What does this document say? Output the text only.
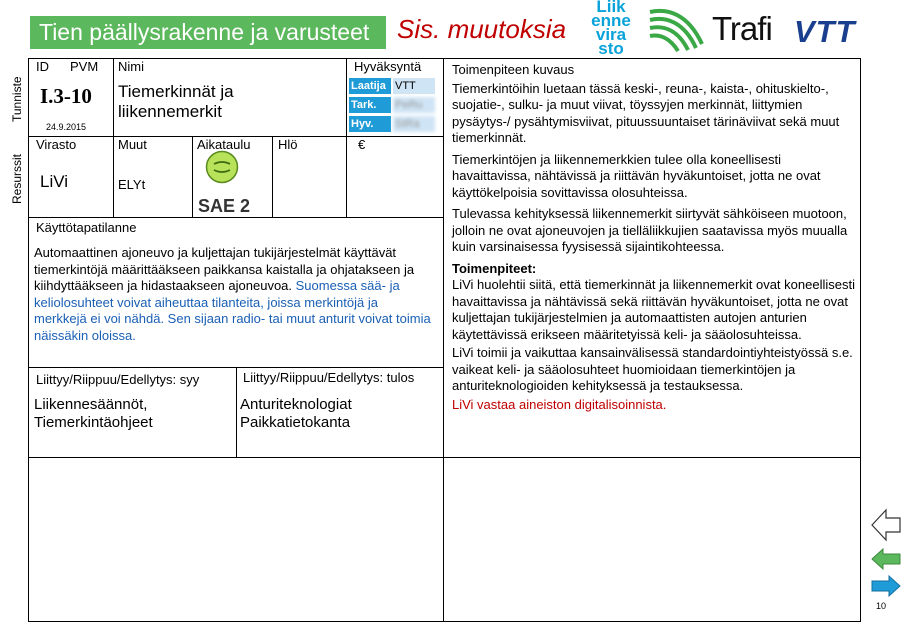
Tien päällysrakenne ja varusteet	Sis. muutoksia
Liik
enne
vira
sto
Trafi VTT
Tunniste
Resurssit
ID PVM
I.3-10
24.9.2015
Nimi
Tiemerkinnät ja liikennemerkit
Hyväksyntä
Laatija VTT
Tark.	PeRu
Hyv.	StRa
Virasto
LiVi
Muut
ELYt
Aikataulu
SAE 2
Hlö	€
Käyttötapatilanne
Automaattinen ajoneuvo ja kuljettajan tukijärjestelmät käyttävät tiemerkintöjä määrittääkseen paikkansa kaistalla ja ohjatakseen ja kiihdyttääkseen ja hidastaakseen ajoneuvoa. Suomessa sää- ja keliolosuhteet voivat aiheuttaa tilanteita, joissa merkintöjä ja merkkejä ei voi nähdä. Sen sijaan radio- tai muut anturit voivat toimia näissäkin oloissa.
Liittyy/Riippuu/Edellytys: syy
Liikennesäännöt,
Tiemerkintäohjeet
Liittyy/Riippuu/Edellytys: tulos
Anturiteknologiat
Paikkatietokanta
Toimenpiteen kuvaus
Tiemerkintöihin luetaan tässä keski-, reuna-, kaista-, ohituskielto-, suojatie-, sulku- ja muut viivat, töyssyjen merkinnät, liittymien pysäytys-/ pysähtymisviivat, pituussuuntaiset tärinäviivat sekä muut tiemerkinnät.
Tiemerkintöjen ja liikennemerkkien tulee olla koneellisesti havaittavissa, nähtävissä ja riittävän hyväkuntoiset, jotta ne ovat käyttökelpoisia sovittavissa olosuhteissa.
Tulevassa kehityksessä liikennemerkit siirtyvät sähköiseen muotoon, jolloin ne ovat ajoneuvojen ja tielläliikkujien saatavissa myös muualla kuin varsinaisessa fyysisessä sijaintikohteessa.
Toimenpiteet:
LiVi huolehtii siitä, että tiemerkinnät ja liikennemerkit ovat koneellisesti havaittavissa ja nähtävissä sekä riittävän hyväkuntoiset, jotta ne ovat kuljettajan tukijärjestelmien ja automaattisten autojen anturien käytettävissä erikseen määritetyissä keli- ja sääolosuhteissa.
LiVi toimii ja vaikuttaa kansainvälisessä standardointiyhteistyössä s.e. vaikeat keli- ja sääolosuhteet huomioidaan tiemerkintöjen ja anturiteknologioiden kehityksessä ja testauksessa.
LiVi vastaa aineiston digitalisoinnista.
10
